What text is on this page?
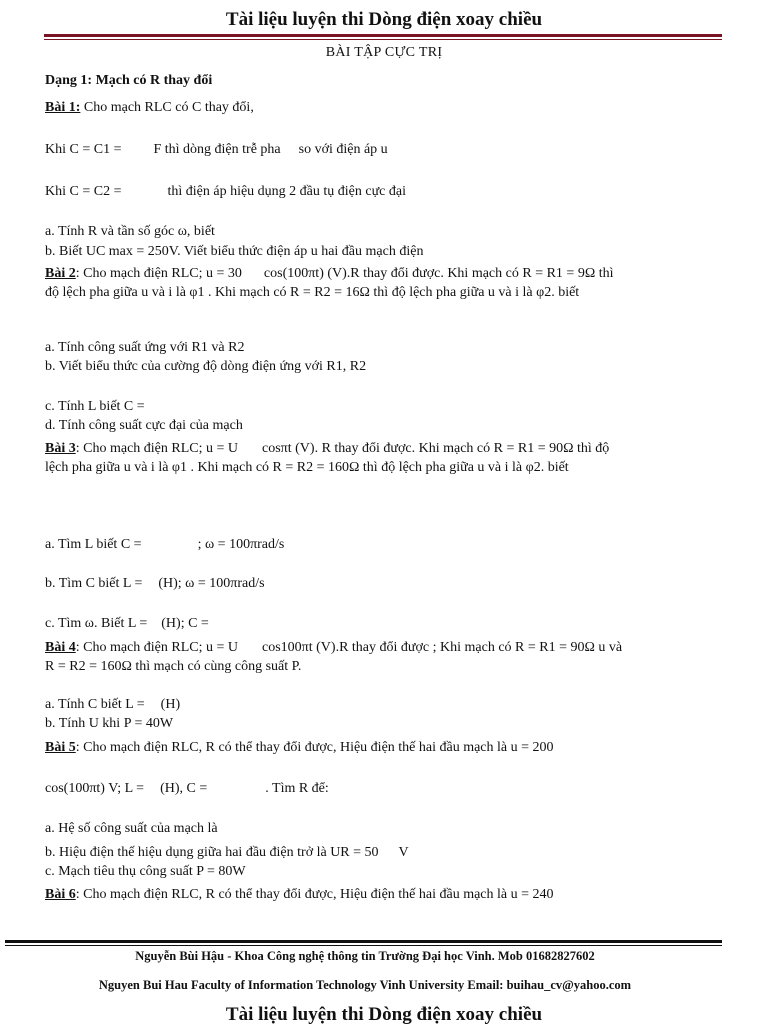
Tài liệu luyện thi Dòng điện xoay chiều
BÀI TẬP CỰC TRỊ
Dạng 1: Mạch có R thay đổi
Bài 1: Cho mạch RLC có C thay đổi,
Khi C = C1 = F thì dòng điện trễ pha so với điện áp u
Khi C = C2 =	thì điện áp hiệu dụng 2 đầu tụ điện cực đại
a. Tính R và tần số góc ω, biết
b. Biết UC max = 250V. Viết biểu thức điện áp u hai đầu mạch điện
Bài 2: Cho mạch điện RLC; u = 30 cos(100πt) (V).R thay đổi được. Khi mạch có R = R1 = 9Ω thì
độ lệch pha giữa u và i là φ1 . Khi mạch có R = R2 = 16Ω thì độ lệch pha giữa u và i là φ2. biết
a. Tính công suất ứng với R1 và R2
b. Viết biểu thức của cường độ dòng điện ứng với R1, R2
c. Tính L biết C =
d. Tính công suất cực đại của mạch
Bài 3: Cho mạch điện RLC; u = U cosπt (V). R thay đổi được. Khi mạch có R = R1 = 90Ω thì độ
lệch pha giữa u và i là φ1 . Khi mạch có R = R2 = 160Ω thì độ lệch pha giữa u và i là φ2. biết
a. Tìm L biết C =	; ω = 100πrad/s
b. Tìm C biết L = (H); ω = 100πrad/s
c. Tìm ω. Biết L = (H); C =
Bài 4: Cho mạch điện RLC; u = U cos100πt (V).R thay đổi được ; Khi mạch có R = R1 = 90Ω u và
R = R2 = 160Ω thì mạch có cùng công suất P.
a. Tính C biết L = (H)
b. Tính U khi P = 40W
Bài 5: Cho mạch điện RLC, R có thể thay đổi được, Hiệu điện thế hai đầu mạch là u = 200
cos(100πt) V; L = (H), C =	. Tìm R để:
a. Hệ số công suất của mạch là
b. Hiệu điện thế hiệu dụng giữa hai đầu điện trở là UR = 50 V
c. Mạch tiêu thụ công suất P = 80W
Bài 6: Cho mạch điện RLC, R có thể thay đổi được, Hiệu điện thế hai đầu mạch là u = 240
Nguyễn Bùi Hậu - Khoa Công nghệ thông tin Trường Đại học Vinh. Mob 01682827602
Nguyen Bui Hau Faculty of Information Technology Vinh University Email: buihau_cv@yahoo.com
Tài liệu luyện thi Dòng điện xoay chiều
